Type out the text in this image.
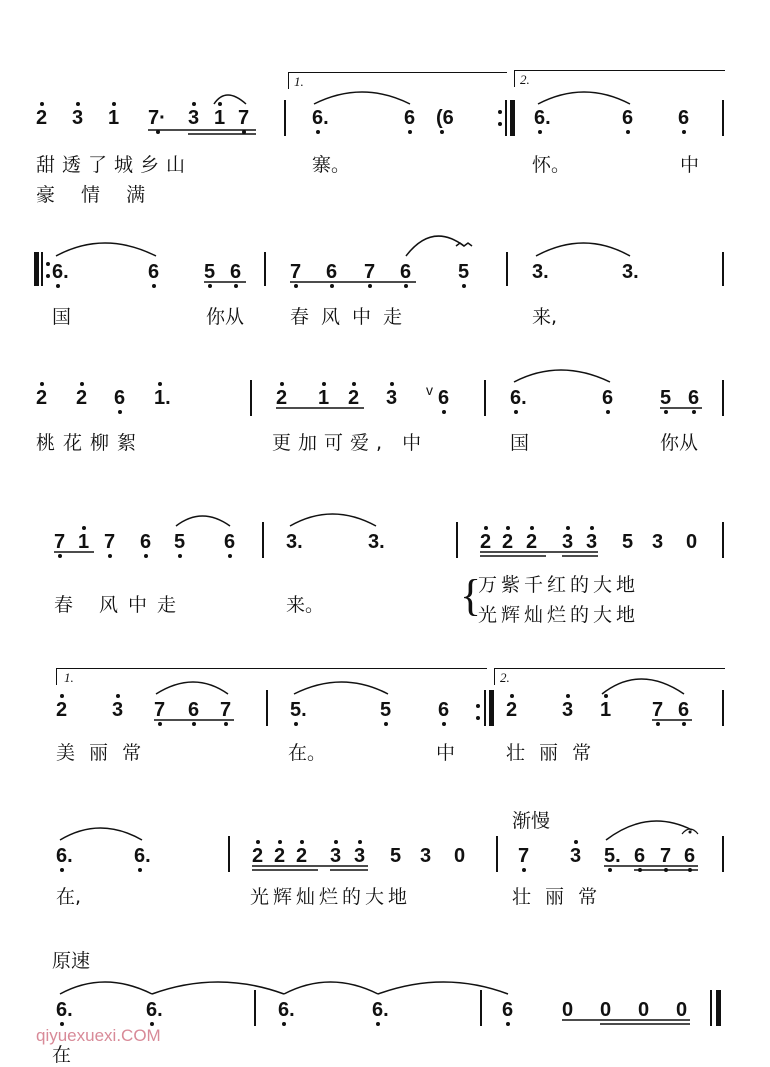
2 3 1 7· 3 1 7	6.	6 (6	6.	6 6
1.	2.
甜透了城乡山	寨。	怀。	中
豪 情 满
6.	6 5 6 7 6 7 6 5	3.	3.
国	你从 春风中走	来,
2 2 6 1.	2 1 2 3 v 6	6.	6 5 6
桃花柳絮	更加可爱, 中	国	你从
7 1 7 6 5 6	3.	3.	2 2 2 3 3 5 3 0
春 风中走	来。	{
万紫千红的大地
光辉灿烂的大地
1.	2.
2 3 7 6 7	5.	5 6	2 3 1 7 6
美 丽 常	在。	中	壮 丽 常
渐慢
6.	6.	2 2 2 3 3 5 3 0	7 3 5. 6 7 6
在,	光辉灿烂的大地	壮 丽 常
原速
6.	6.	6.	6.	6 0 0 0 0
在
qiyuexuexi.COM
